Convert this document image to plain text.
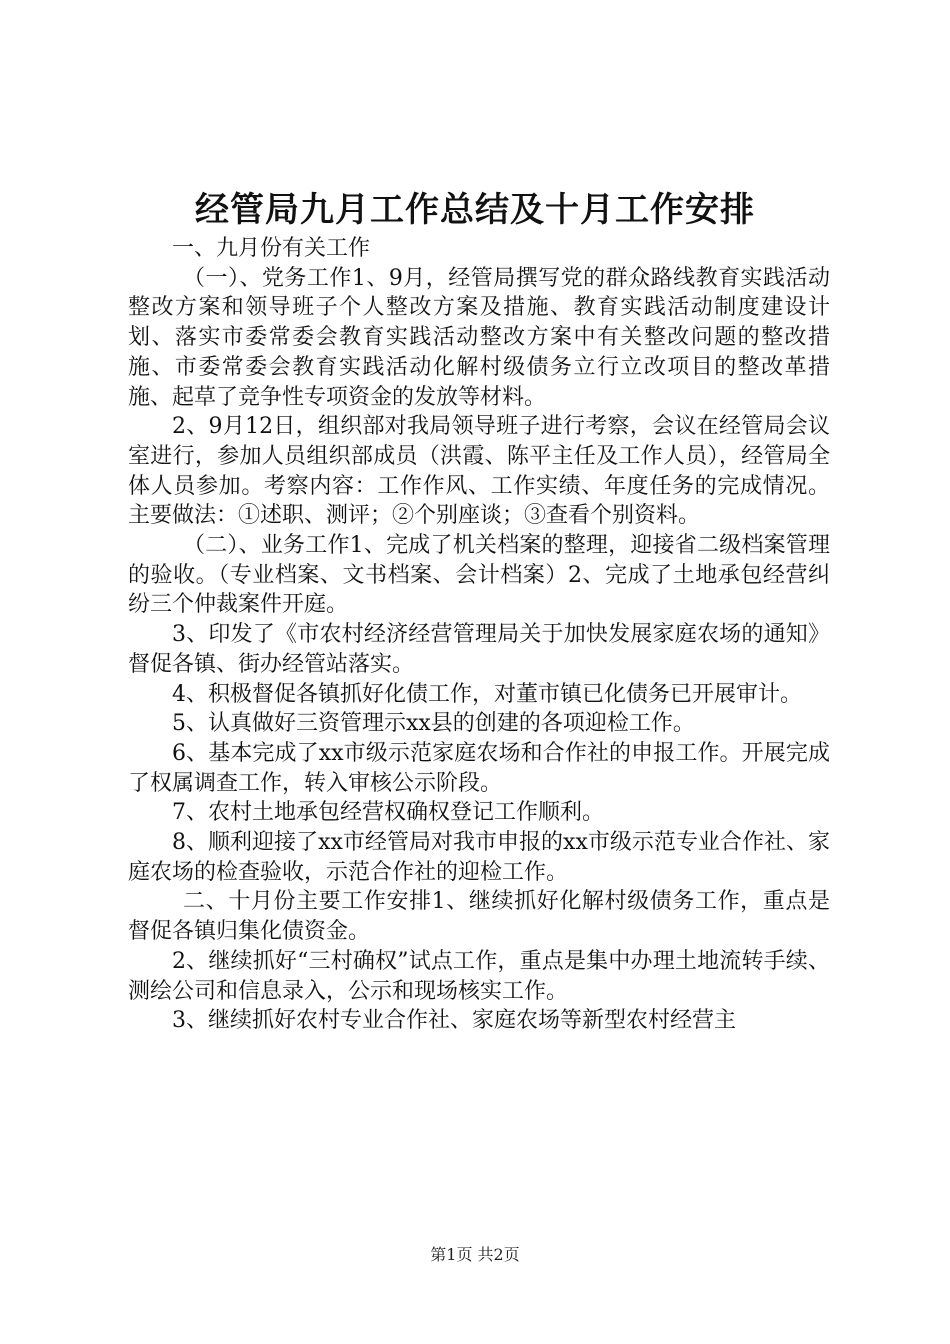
经管局九月工作总结及十月工作安排

一、九月份有关工作

（一）、党务工作1、9月，经管局撰写党的群众路线教育实践活动整改方案和领导班子个人整改方案及措施、教育实践活动制度建设计划、落实市委常委会教育实践活动整改方案中有关整改问题的整改措施、市委常委会教育实践活动化解村级债务立行立改项目的整改革措施、起草了竞争性专项资金的发放等材料。

2、9月12日，组织部对我局领导班子进行考察，会议在经管局会议室进行，参加人员组织部成员（洪霞、陈平主任及工作人员），经管局全体人员参加。考察内容：工作作风、工作实绩、年度任务的完成情况。主要做法：①述职、测评；②个别座谈；③查看个别资料。

（二）、业务工作1、完成了机关档案的整理，迎接省二级档案管理的验收。（专业档案、文书档案、会计档案）2、完成了土地承包经营纠纷三个仲裁案件开庭。

3、印发了《市农村经济经营管理局关于加快发展家庭农场的通知》督促各镇、街办经管站落实。

4、积极督促各镇抓好化债工作，对董市镇已化债务已开展审计。

5、认真做好三资管理示xx县的创建的各项迎检工作。

6、基本完成了xx市级示范家庭农场和合作社的申报工作。开展完成了权属调查工作，转入审核公示阶段。

7、农村土地承包经营权确权登记工作顺利。

8、顺利迎接了xx市经管局对我市申报的xx市级示范专业合作社、家庭农场的检查验收，示范合作社的迎检工作。

二、十月份主要工作安排1、继续抓好化解村级债务工作，重点是督促各镇归集化债资金。

2、继续抓好“三村确权”试点工作，重点是集中办理土地流转手续、测绘公司和信息录入，公示和现场核实工作。

3、继续抓好农村专业合作社、家庭农场等新型农村经营主

第1页 共2页
